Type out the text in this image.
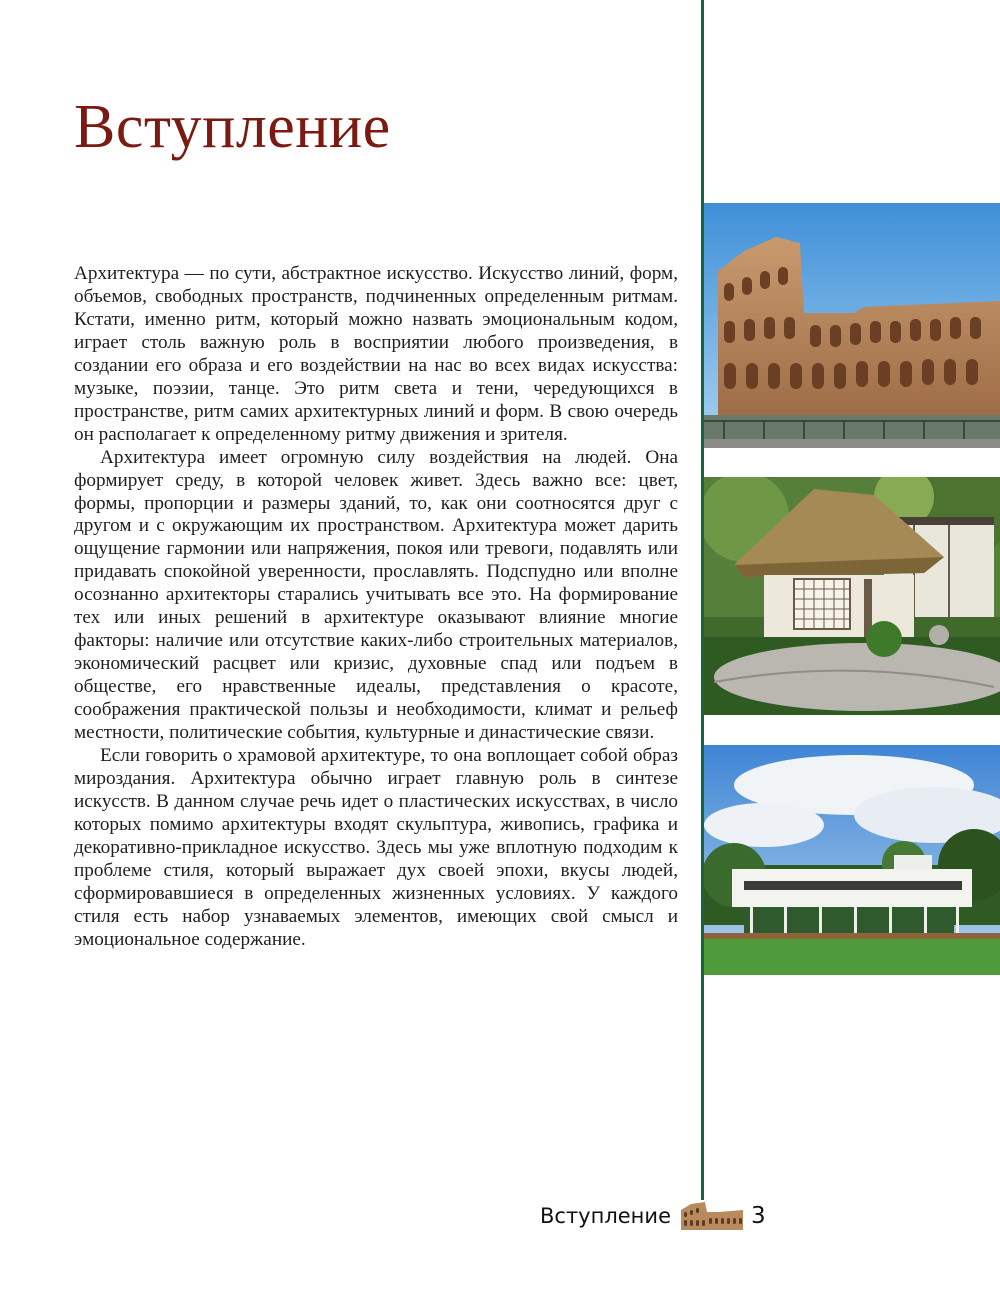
Вступление

Архитектура — по сути, абстрактное искусство. Искусство линий, форм, объемов, свободных пространств, подчиненных определенным ритмам. Кстати, именно ритм, который можно назвать эмоциональным кодом, играет столь важную роль в восприятии любого произведения, в создании его образа и его воздействии на нас во всех видах искусства: музыке, поэзии, танце. Это ритм света и тени, чередующихся в пространстве, ритм самих архитектурных линий и форм. В свою очередь он располагает к определенному ритму движения и зрителя.

Архитектура имеет огромную силу воздействия на людей. Она формирует среду, в которой человек живет. Здесь важно все: цвет, формы, пропорции и размеры зданий, то, как они соотносятся друг с другом и с окружающим их пространством. Архитектура может дарить ощущение гармонии или напряжения, покоя или тревоги, подавлять или придавать спокойной уверенности, прославлять. Подспудно или вполне осознанно архитекторы старались учитывать все это. На формирование тех или иных решений в архитектуре оказывают влияние многие факторы: наличие или отсутствие каких-либо строительных материалов, экономический расцвет или кризис, духовные спад или подъем в обществе, его нравственные идеалы, представления о красоте, соображения практической пользы и необходимости, климат и рельеф местности, политические события, культурные и династические связи.

Если говорить о храмовой архитектуре, то она воплощает собой образ мироздания. Архитектура обычно играет главную роль в синтезе искусств. В данном случае речь идет о пластических искусствах, в число которых помимо архитектуры входят скульптура, живопись, графика и декоративно-прикладное искусство. Здесь мы уже вплотную подходим к проблеме стиля, который выражает дух своей эпохи, вкусы людей, сформировавшиеся в определенных жизненных условиях. У каждого стиля есть набор узнаваемых элементов, имеющих свой смысл и эмоциональное содержание.

Вступление	3
